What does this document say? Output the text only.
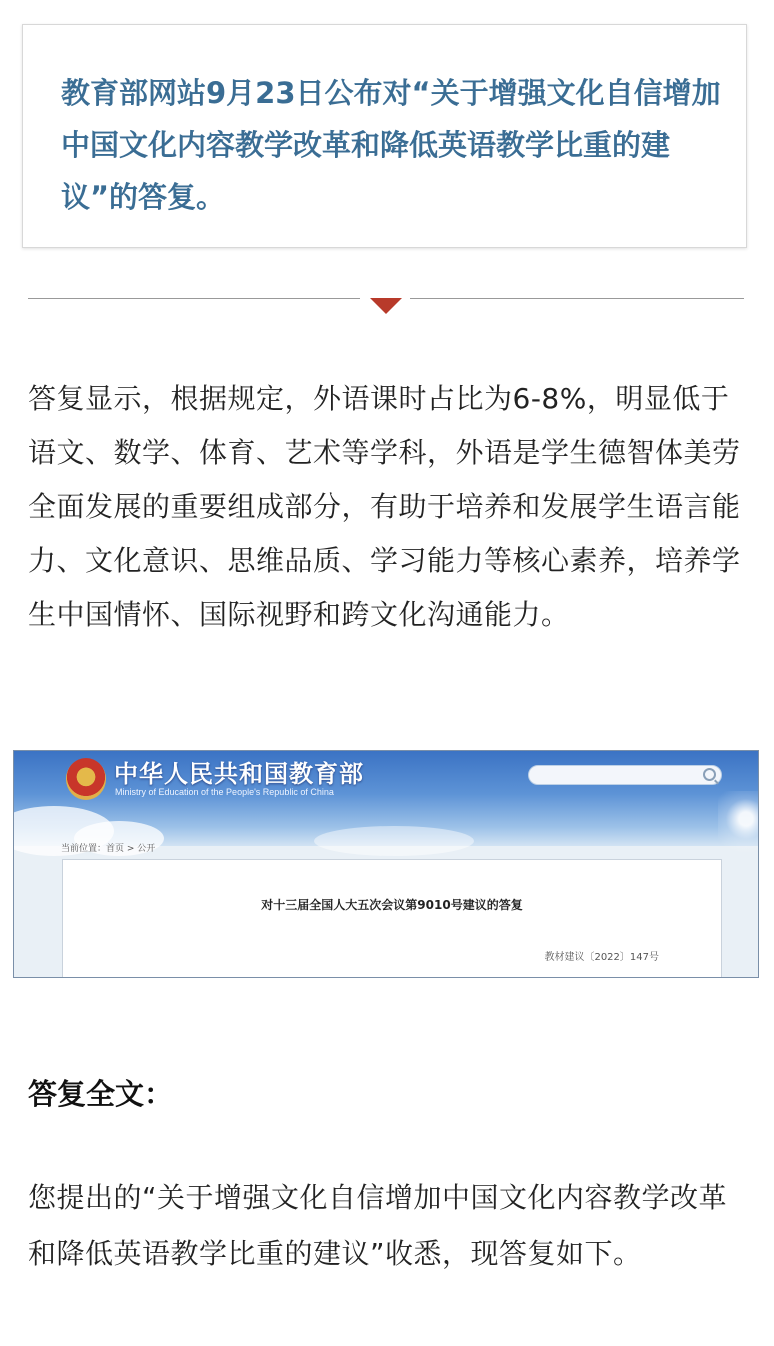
教育部网站9月23日公布对“关于增强文化自信增加中国文化内容教学改革和降低英语教学比重的建议”的答复。

答复显示，根据规定，外语课时占比为6-8%，明显低于语文、数学、体育、艺术等学科，外语是学生德智体美劳全面发展的重要组成部分，有助于培养和发展学生语言能力、文化意识、思维品质、学习能力等核心素养，培养学生中国情怀、国际视野和跨文化沟通能力。

中华人民共和国教育部
Ministry of Education of the People's Republic of China
当前位置：首页 > 公开
对十三届全国人大五次会议第9010号建议的答复
教材建议〔2022〕147号
答复全文：

您提出的“关于增强文化自信增加中国文化内容教学改革和降低英语教学比重的建议”收悉，现答复如下。
